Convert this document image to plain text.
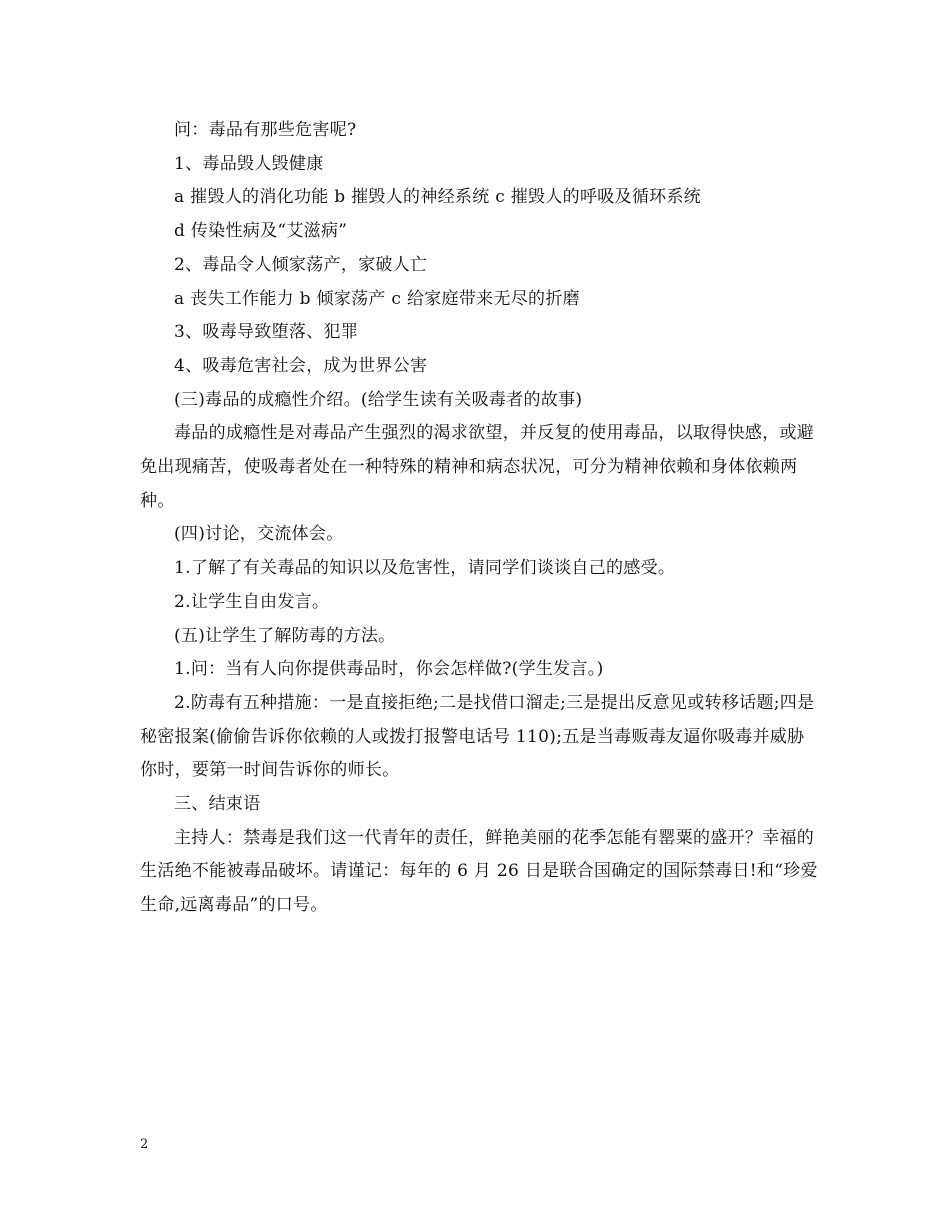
问：毒品有那些危害呢?

1、毒品毁人毁健康

a 摧毁人的消化功能 b 摧毁人的神经系统 c 摧毁人的呼吸及循环系统

d 传染性病及“艾滋病”

2、毒品令人倾家荡产，家破人亡

a 丧失工作能力 b 倾家荡产 c 给家庭带来无尽的折磨

3、吸毒导致堕落、犯罪

4、吸毒危害社会，成为世界公害

(三)毒品的成瘾性介绍。(给学生读有关吸毒者的故事)

毒品的成瘾性是对毒品产生强烈的渴求欲望，并反复的使用毒品，以取得快感，或避免出现痛苦，使吸毒者处在一种特殊的精神和病态状况，可分为精神依赖和身体依赖两种。

(四)讨论，交流体会。

1.了解了有关毒品的知识以及危害性，请同学们谈谈自己的感受。

2.让学生自由发言。

(五)让学生了解防毒的方法。

1.问：当有人向你提供毒品时，你会怎样做?(学生发言。)

2.防毒有五种措施：一是直接拒绝;二是找借口溜走;三是提出反意见或转移话题;四是秘密报案(偷偷告诉你依赖的人或拨打报警电话号 110);五是当毒贩毒友逼你吸毒并威胁你时，要第一时间告诉你的师长。

三、结束语

主持人：禁毒是我们这一代青年的责任，鲜艳美丽的花季怎能有罂粟的盛开？幸福的生活绝不能被毒品破坏。请谨记：每年的 6 月 26 日是联合国确定的国际禁毒日!和“珍爱生命,远离毒品”的口号。

2
